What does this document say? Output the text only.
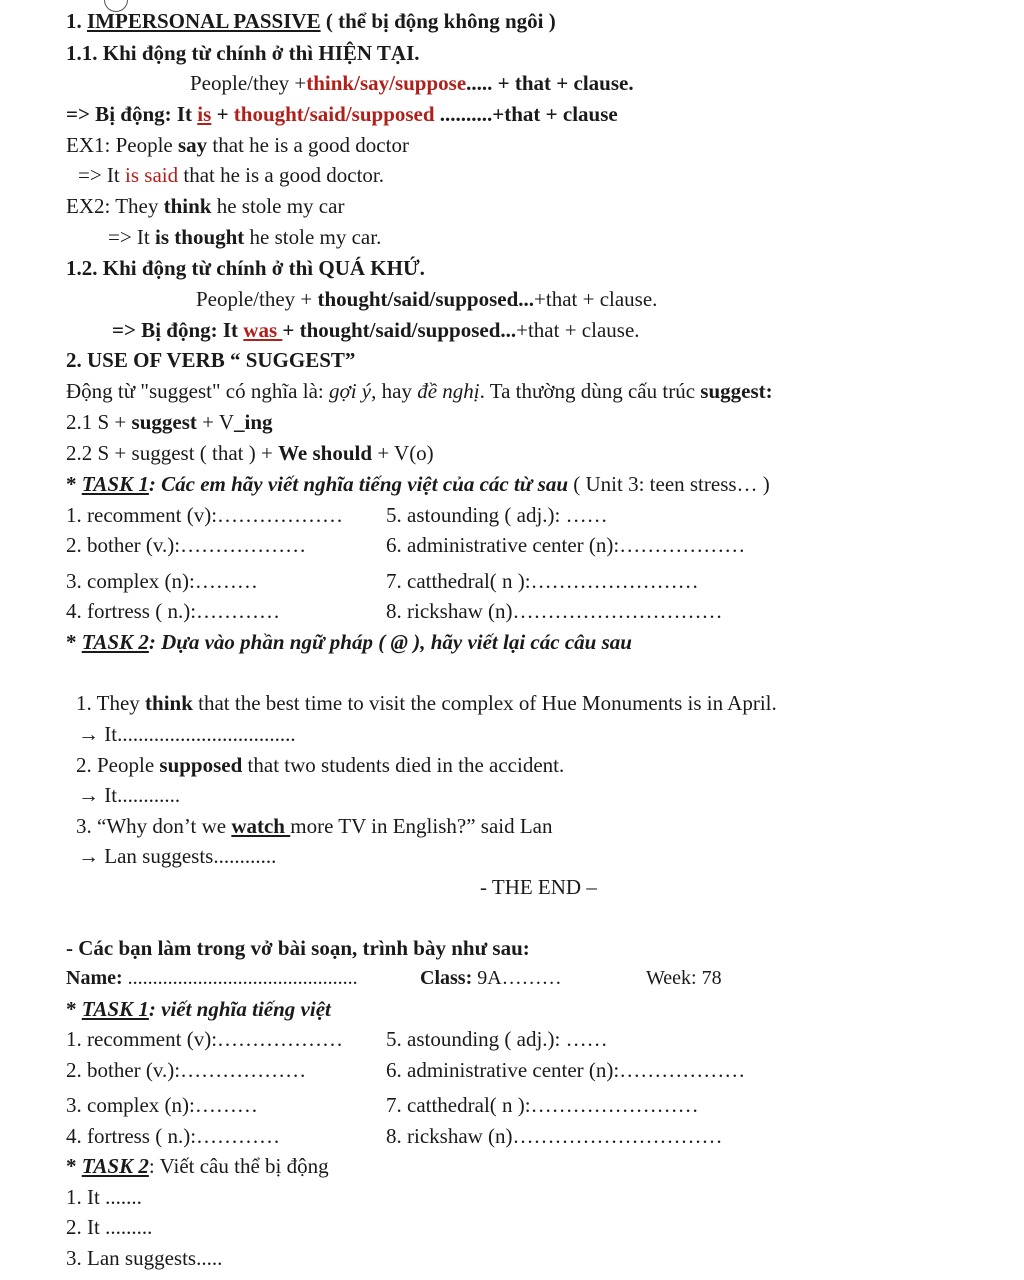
1. IMPERSONAL PASSIVE ( thể bị động không ngôi )
1.1. Khi động từ chính ở thì HIỆN TẠI.
People/they +think/say/suppose..... + that + clause.
=> Bị động: It is + thought/said/supposed ..........+that + clause
EX1: People say that he is a good doctor
=> It is said that he is a good doctor.
EX2: They think he stole my car
=> It is thought he stole my car.
1.2. Khi động từ chính ở thì QUÁ KHỨ.
People/they + thought/said/supposed...+that + clause.
=> Bị động: It was + thought/said/supposed...+that + clause.
2. USE OF VERB “ SUGGEST”
Động từ "suggest" có nghĩa là: gợi ý, hay đề nghị. Ta thường dùng cấu trúc suggest:
2.1 S + suggest + V_ing
2.2 S + suggest ( that ) + We should + V(o)
* TASK 1: Các em hãy viết nghĩa tiếng việt của các từ sau ( Unit 3: teen stress… )
1. recomment (v):……………… 5. astounding ( adj.): ……
2. bother (v.):………………	6. administrative center (n):………………
3. complex (n):………	7. catthedral( n ):……………………
4. fortress ( n.):…………	8. rickshaw (n)…………………………
* TASK 2: Dựa vào phần ngữ pháp ( @ ), hãy viết lại các câu sau
1. They think that the best time to visit the complex of Hue Monuments is in April.
→ It..................................
2. People supposed that two students died in the accident.
→ It............
3. “Why don’t we watch more TV in English?” said Lan
→ Lan suggests............
- THE END –
- Các bạn làm trong vở bài soạn, trình bày như sau:
Name: ..............................................	Class: 9A………	Week: 78
* TASK 1: viết nghĩa tiếng việt
1. recomment (v):……………… 5. astounding ( adj.): ……
2. bother (v.):………………	6. administrative center (n):………………
3. complex (n):………	7. catthedral( n ):……………………
4. fortress ( n.):…………	8. rickshaw (n)…………………………
* TASK 2: Viết câu thể bị động
1. It .......
2. It .........
3. Lan suggests.....
